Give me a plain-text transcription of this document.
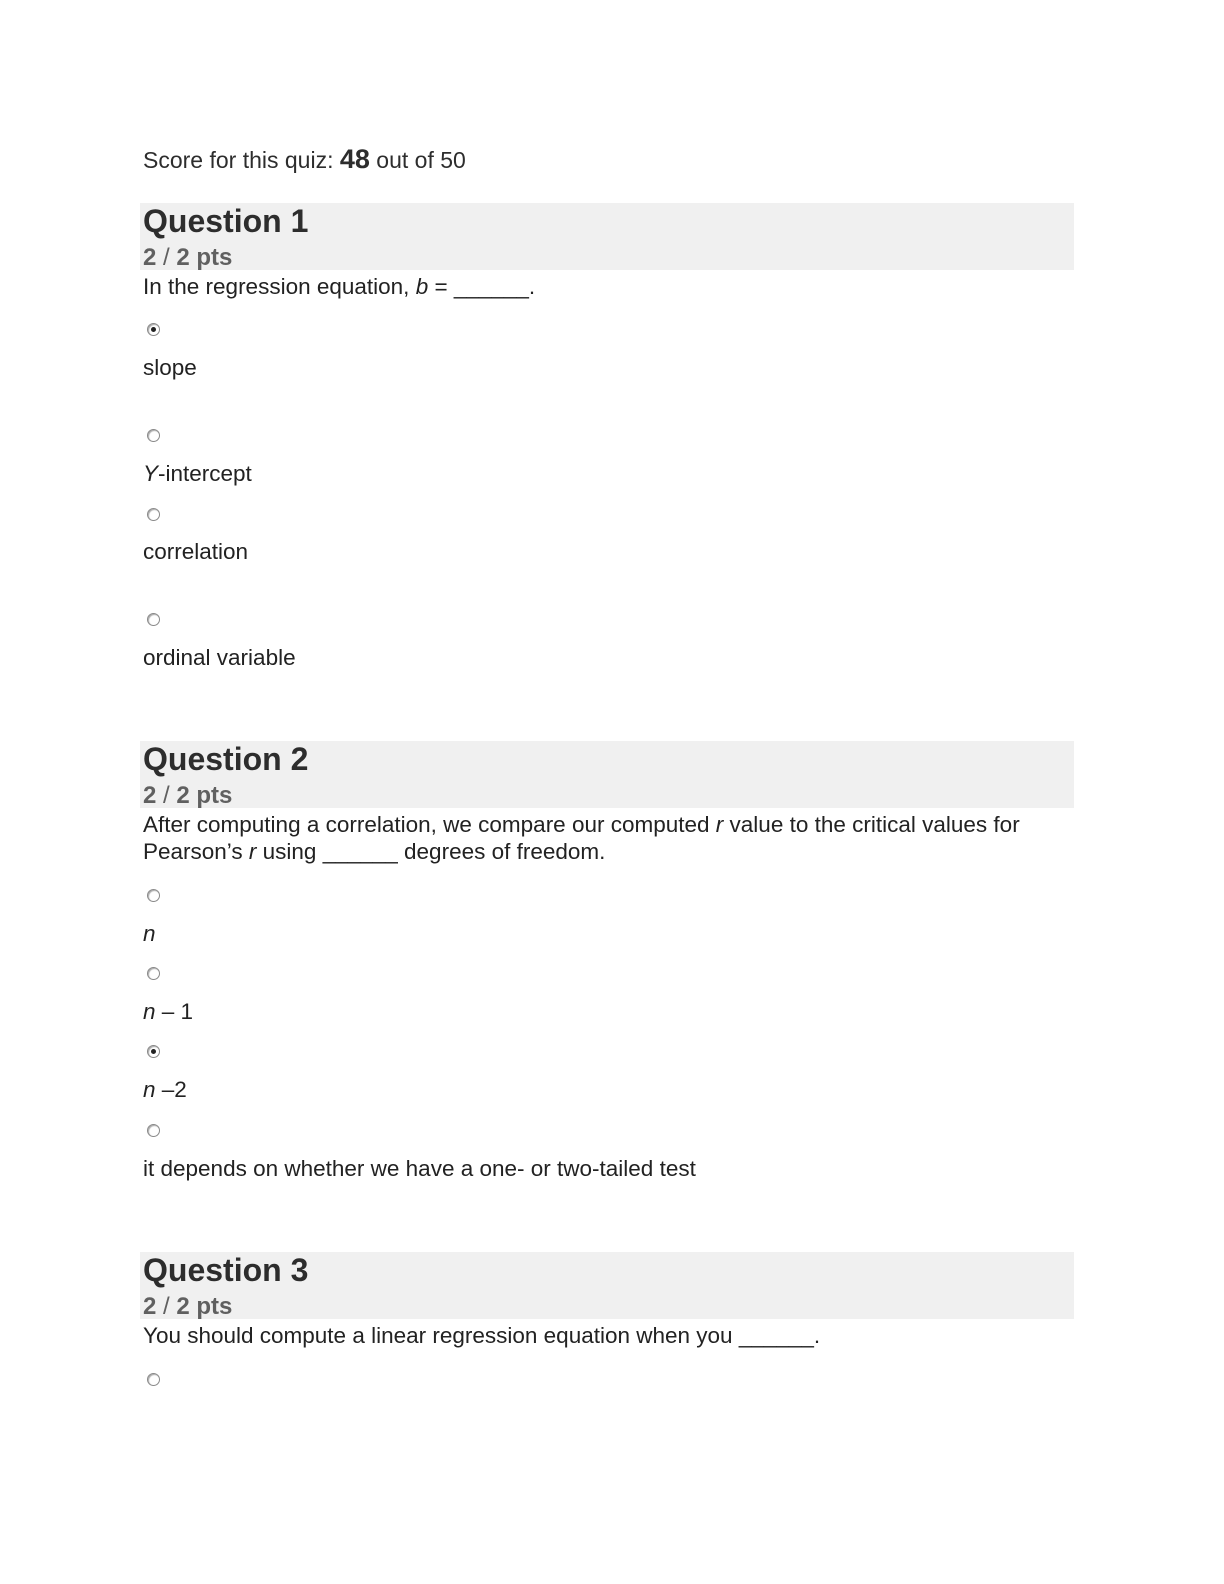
Score for this quiz: 48 out of 50
Question 1
2 / 2 pts
In the regression equation, b = ______.
slope
Y-intercept
correlation
ordinal variable
Question 2
2 / 2 pts
After computing a correlation, we compare our computed r value to the critical values for
Pearson’s r using ______ degrees of freedom.
n
n – 1
n –2
it depends on whether we have a one- or two-tailed test
Question 3
2 / 2 pts
You should compute a linear regression equation when you ______.
